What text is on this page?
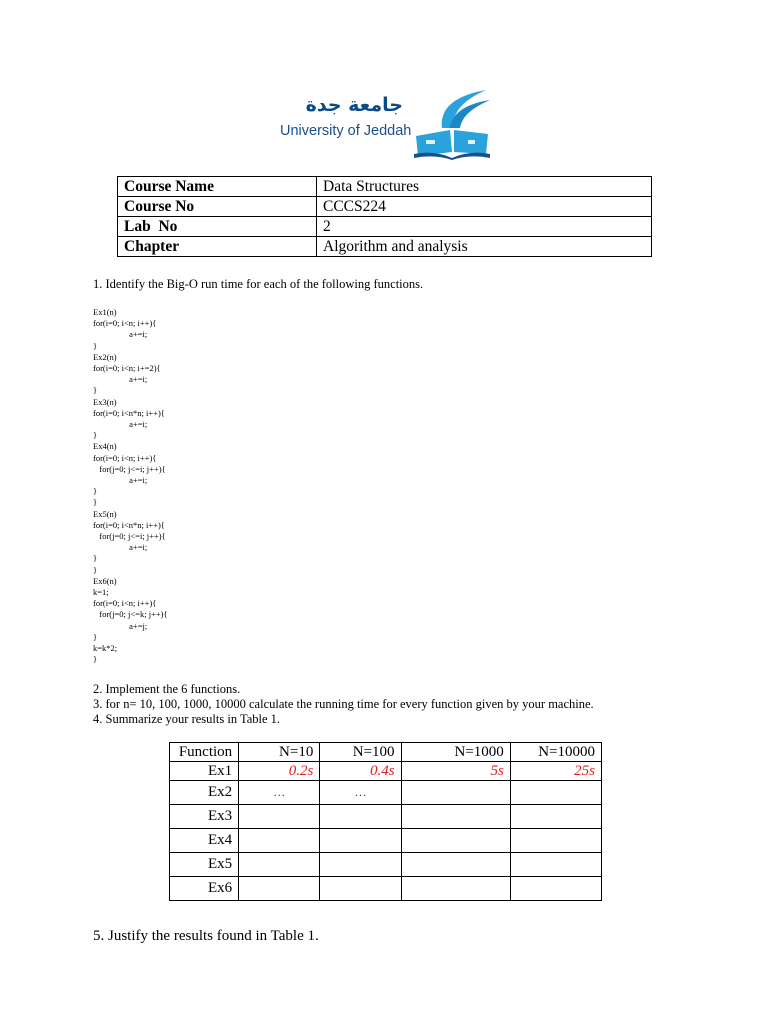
جامعة جدة
University of Jeddah
Course Name	Data Structures
Course No	CCCS224
Lab  No	2
Chapter	Algorithm and analysis
1. Identify the Big-O run time for each of the following functions.
Ex1(n)
for(i=0; i<n; i++){
a+=i;
}
Ex2(n)
for(i=0; i<n; i+=2){
a+=i;
}
Ex3(n)
for(i=0; i<n*n; i++){
a+=i;
}
Ex4(n)
for(i=0; i<n; i++){
for(j=0; j<=i; j++){
a+=i;
}
}
Ex5(n)
for(i=0; i<n*n; i++){
for(j=0; j<=i; j++){
a+=i;
}
}
Ex6(n)
k=1;
for(i=0; i<n; i++){
for(j=0; j<=k; j++){
a+=j;
}
k=k*2;
}
2. Implement the 6 functions.
3. for n= 10, 100, 1000, 10000 calculate the running time for every function given by your machine.
4. Summarize your results in Table 1.
Function	N=10	N=100	N=1000	N=10000
Ex1	0.2s	0.4s	5s	25s
Ex2	…	…		
Ex3				
Ex4				
Ex5				
Ex6				
5. Justify the results found in Table 1.
